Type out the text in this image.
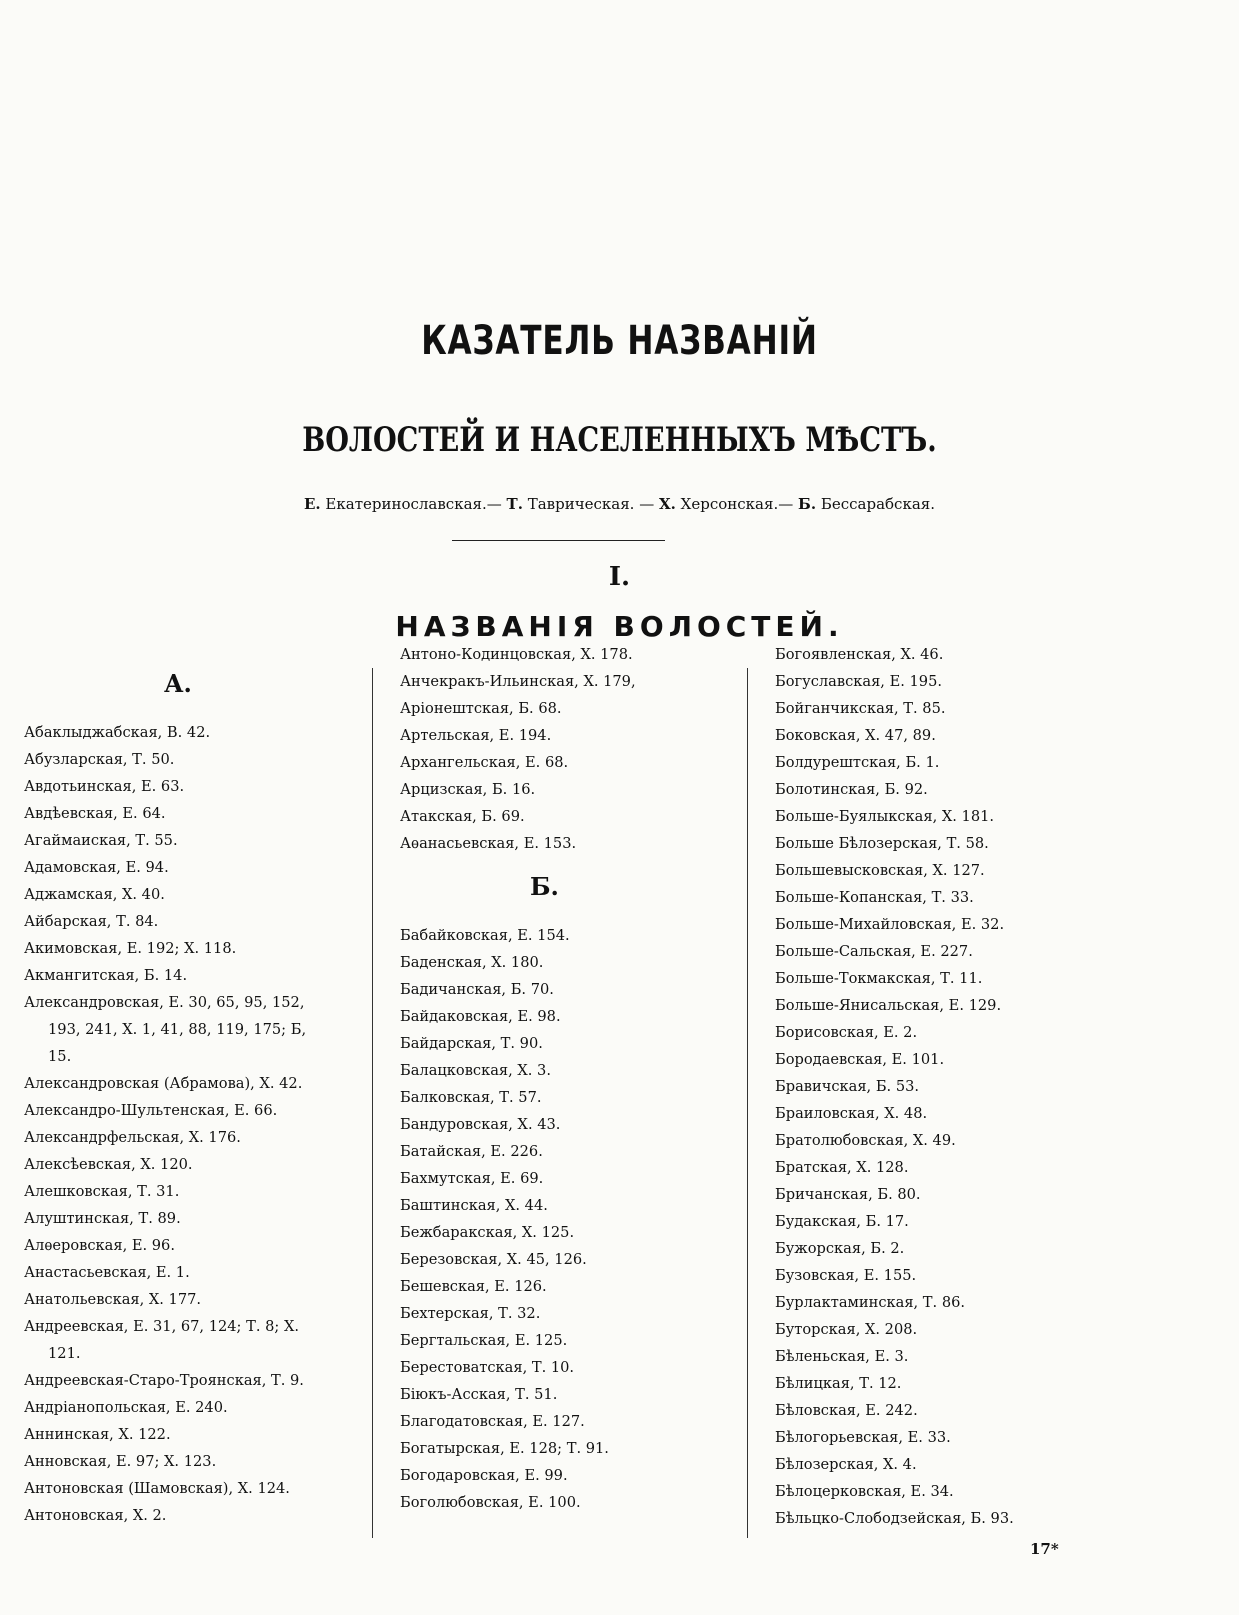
КАЗАТЕЛЬ НАЗВАНІЙ
ВОЛОСТЕЙ И НАСЕЛЕННЫХЪ МѢСТЪ.
Е. Екатеринославская.— Т. Таврическая. — Х. Херсонская.— Б. Бессарабская.
I.
НАЗВАНІЯ ВОЛОСТЕЙ.
А.
Абаклыджабская, В. 42.
Абузларская, Т. 50.
Авдотьинская, Е. 63.
Авдѣевская, Е. 64.
Агаймаиская, Т. 55.
Адамовская, Е. 94.
Аджамская, Х. 40.
Айбарская, Т. 84.
Акимовская, Е. 192; Х. 118.
Акмангитская, Б. 14.
Александровская, Е. 30, 65, 95, 152,
193, 241, Х. 1, 41, 88, 119, 175; Б,
15.
Александровская (Абрамова), Х. 42.
Александро-Шультенская, Е. 66.
Александрфельская, Х. 176.
Алексѣевская, Х. 120.
Алешковская, Т. 31.
Алуштинская, Т. 89.
Алѳеровская, Е. 96.
Анастасьевская, Е. 1.
Анатольевская, Х. 177.
Андреевская, Е. 31, 67, 124; Т. 8; Х.
121.
Андреевская-Старо-Троянская, Т. 9.
Андріанопольская, Е. 240.
Аннинская, Х. 122.
Анновская, Е. 97; Х. 123.
Антоновская (Шамовская), Х. 124.
Антоновская, Х. 2.
Антоно-Кодинцовская, Х. 178.
Анчекракъ-Ильинская, Х. 179,
Аріонештская, Б. 68.
Артельская, Е. 194.
Архангельская, Е. 68.
Арцизская, Б. 16.
Атакская, Б. 69.
Аѳанасьевская, Е. 153.
Б.
Бабайковская, Е. 154.
Баденская, Х. 180.
Бадичанская, Б. 70.
Байдаковская, Е. 98.
Байдарская, Т. 90.
Балацковская, Х. 3.
Балковская, Т. 57.
Бандуровская, Х. 43.
Батайская, Е. 226.
Бахмутская, Е. 69.
Баштинская, Х. 44.
Бежбаракская, Х. 125.
Березовская, Х. 45, 126.
Бешевская, Е. 126.
Бехтерская, Т. 32.
Бергтальская, Е. 125.
Берестоватская, Т. 10.
Біюкъ-Асская, Т. 51.
Благодатовская, Е. 127.
Богатырская, Е. 128; Т. 91.
Богодаровская, Е. 99.
Боголюбовская, Е. 100.
Богоявленская, Х. 46.
Богуславская, Е. 195.
Бойганчикская, Т. 85.
Боковская, Х. 47, 89.
Болдурештская, Б. 1.
Болотинская, Б. 92.
Больше-Буялыкская, Х. 181.
Больше Бѣлозерская, Т. 58.
Большевысковская, Х. 127.
Больше-Копанская, Т. 33.
Больше-Михайловская, Е. 32.
Больше-Сальская, Е. 227.
Больше-Токмакская, Т. 11.
Больше-Янисальская, Е. 129.
Борисовская, Е. 2.
Бородаевская, Е. 101.
Бравичская, Б. 53.
Браиловская, Х. 48.
Братолюбовская, Х. 49.
Братская, Х. 128.
Бричанская, Б. 80.
Будакская, Б. 17.
Бужорская, Б. 2.
Бузовская, Е. 155.
Бурлактаминская, Т. 86.
Буторская, Х. 208.
Бѣленьская, Е. 3.
Бѣлицкая, Т. 12.
Бѣловская, Е. 242.
Бѣлогорьевская, Е. 33.
Бѣлозерская, Х. 4.
Бѣлоцерковская, Е. 34.
Бѣльцко-Слободзейская, Б. 93.
17*
